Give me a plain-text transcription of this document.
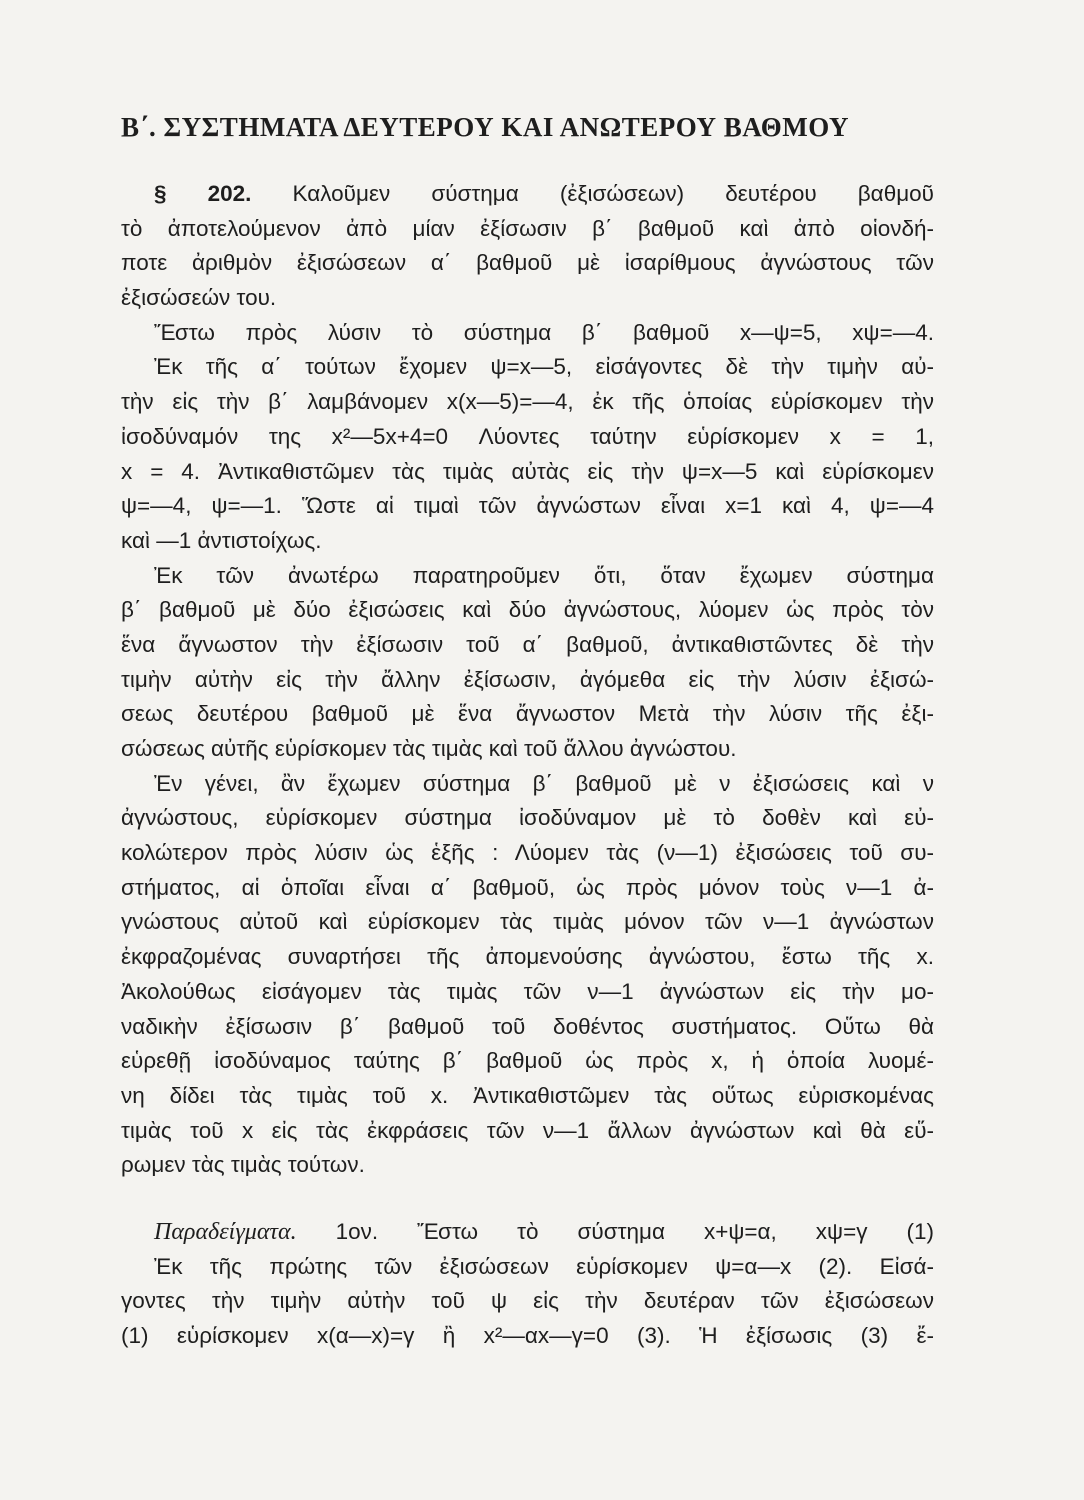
Β΄. ΣΥΣΤΗΜΑΤΑ ΔΕΥΤΕΡΟΥ ΚΑΙ ΑΝΩΤΕΡΟΥ ΒΑΘΜΟΥ
§ 202. Καλοῦμεν σύστημα (ἐξισώσεων) δευτέρου βαθμοῦ
τὸ ἀποτελούμενον ἀπὸ μίαν ἐξίσωσιν β΄ βαθμοῦ καὶ ἀπὸ οἱονδή-
ποτε ἀριθμὸν ἐξισώσεων α΄ βαθμοῦ μὲ ἰσαρίθμους ἀγνώστους τῶν
ἐξισώσεών του.
Ἔστω πρὸς λύσιν τὸ σύστημα β΄ βαθμοῦ x—ψ=5, xψ=—4.
Ἐκ τῆς α΄ τούτων ἔχομεν ψ=x—5, εἰσάγοντες δὲ τὴν τιμὴν αὐ-
τὴν εἰς τὴν β΄ λαμβάνομεν x(x—5)=—4, ἐκ τῆς ὁποίας εὑρίσκομεν τὴν
ἰσοδύναμόν της x²—5x+4=0 Λύοντες ταύτην εὑρίσκομεν x = 1,
x = 4. Ἀντικαθιστῶμεν τὰς τιμὰς αὐτὰς εἰς τὴν ψ=x—5 καὶ εὑρίσκομεν
ψ=—4, ψ=—1. Ὥστε αἱ τιμαὶ τῶν ἀγνώστων εἶναι x=1 καὶ 4, ψ=—4
καὶ —1 ἀντιστοίχως.
Ἐκ τῶν ἀνωτέρω παρατηροῦμεν ὅτι, ὅταν ἔχωμεν σύστημα
β΄ βαθμοῦ μὲ δύο ἐξισώσεις καὶ δύο ἀγνώστους, λύομεν ὡς πρὸς τὸν
ἕνα ἄγνωστον τὴν ἐξίσωσιν τοῦ α΄ βαθμοῦ, ἀντικαθιστῶντες δὲ τὴν
τιμὴν αὐτὴν εἰς τὴν ἄλλην ἐξίσωσιν, ἀγόμεθα εἰς τὴν λύσιν ἐξισώ-
σεως δευτέρου βαθμοῦ μὲ ἕνα ἄγνωστον Μετὰ τὴν λύσιν τῆς ἐξι-
σώσεως αὐτῆς εὑρίσκομεν τὰς τιμὰς καὶ τοῦ ἄλλου ἀγνώστου.
Ἐν γένει, ἂν ἔχωμεν σύστημα β΄ βαθμοῦ μὲ ν ἐξισώσεις καὶ ν
ἀγνώστους, εὑρίσκομεν σύστημα ἰσοδύναμον μὲ τὸ δοθὲν καὶ εὐ-
κολώτερον πρὸς λύσιν ὡς ἑξῆς : Λύομεν τὰς (ν—1) ἐξισώσεις τοῦ συ-
στήματος, αἱ ὁποῖαι εἶναι α΄ βαθμοῦ, ὡς πρὸς μόνον τοὺς ν—1 ἀ-
γνώστους αὐτοῦ καὶ εὑρίσκομεν τὰς τιμὰς μόνον τῶν ν—1 ἀγνώστων
ἐκφραζομένας συναρτήσει τῆς ἀπομενούσης ἀγνώστου, ἔστω τῆς x.
Ἀκολούθως εἰσάγομεν τὰς τιμὰς τῶν ν—1 ἀγνώστων εἰς τὴν μο-
ναδικὴν ἐξίσωσιν β΄ βαθμοῦ τοῦ δοθέντος συστήματος. Οὕτω θὰ
εὑρεθῇ ἰσοδύναμος ταύτης β΄ βαθμοῦ ὡς πρὸς x, ἡ ὁποία λυομέ-
νη δίδει τὰς τιμὰς τοῦ x. Ἀντικαθιστῶμεν τὰς οὕτως εὑρισκομένας
τιμὰς τοῦ x εἰς τὰς ἐκφράσεις τῶν ν—1 ἄλλων ἀγνώστων καὶ θὰ εὕ-
ρωμεν τὰς τιμὰς τούτων.
Παραδείγματα. 1ον. Ἔστω τὸ σύστημα x+ψ=α, xψ=γ (1)
Ἐκ τῆς πρώτης τῶν ἐξισώσεων εὑρίσκομεν ψ=α—x (2). Εἰσά-
γοντες τὴν τιμὴν αὐτὴν τοῦ ψ εἰς τὴν δευτέραν τῶν ἐξισώσεων
(1) εὑρίσκομεν x(α—x)=γ ἢ x²—αx—γ=0 (3). Ἡ ἐξίσωσις (3) ἔ-
